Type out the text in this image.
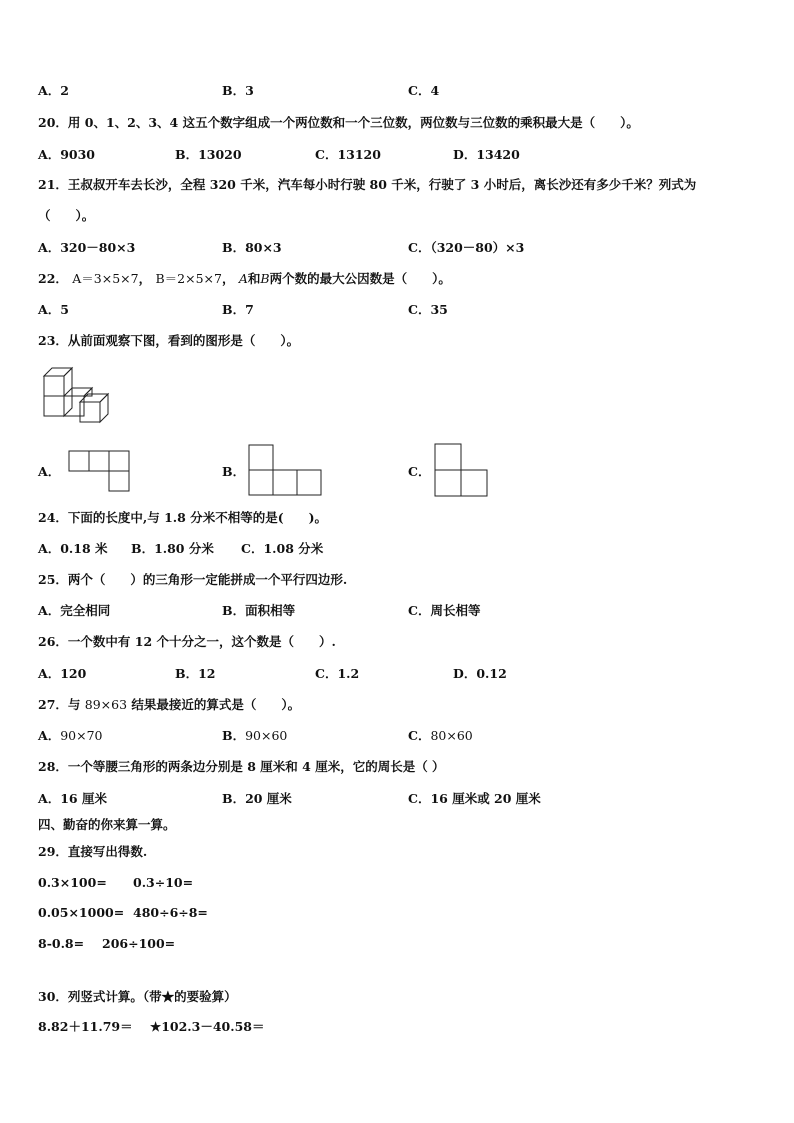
A．2	B．3	C．4
20．用 0、1、2、3、4 这五个数字组成一个两位数和一个三位数，两位数与三位数的乘积最大是（　　）。
A．9030	B．13020	C．13120	D．13420
21．王叔叔开车去长沙，全程 320 千米，汽车每小时行驶 80 千米，行驶了 3 小时后，离长沙还有多少千米？列式为
（　　）。
A．320－80×3	B．80×3	C．（320－80）×3
22． A＝3×5×7， B＝2×5×7， A和B两个数的最大公因数是（　　）。
A．5	B．7	C．35
23．从前面观察下图，看到的图形是（　　）。
A．	B．	C．
24．下面的长度中,与 1.8 分米不相等的是(　　)。
A．0.18 米 B．1.80 分米 C．1.08 分米
25．两个（　　）的三角形一定能拼成一个平行四边形.
A．完全相同	B．面积相等	C．周长相等
26．一个数中有 12 个十分之一，这个数是（　　）.
A．120	B．12	C．1.2	D．0.12
27．与 89×63 结果最接近的算式是（　　）。
A．90×70	B．90×60	C．80×60
28．一个等腰三角形的两条边分别是 8 厘米和 4 厘米，它的周长是（ ）
A．16 厘米	B．20 厘米	C．16 厘米或 20 厘米
四、勤奋的你来算一算。
29．直接写出得数.
0.3×100= 0.3÷10=
0.05×1000= 480÷6÷8=
8-0.8= 206÷100=
30．列竖式计算。（带★的要验算）
8.82＋11.79＝ ★102.3－40.58＝
